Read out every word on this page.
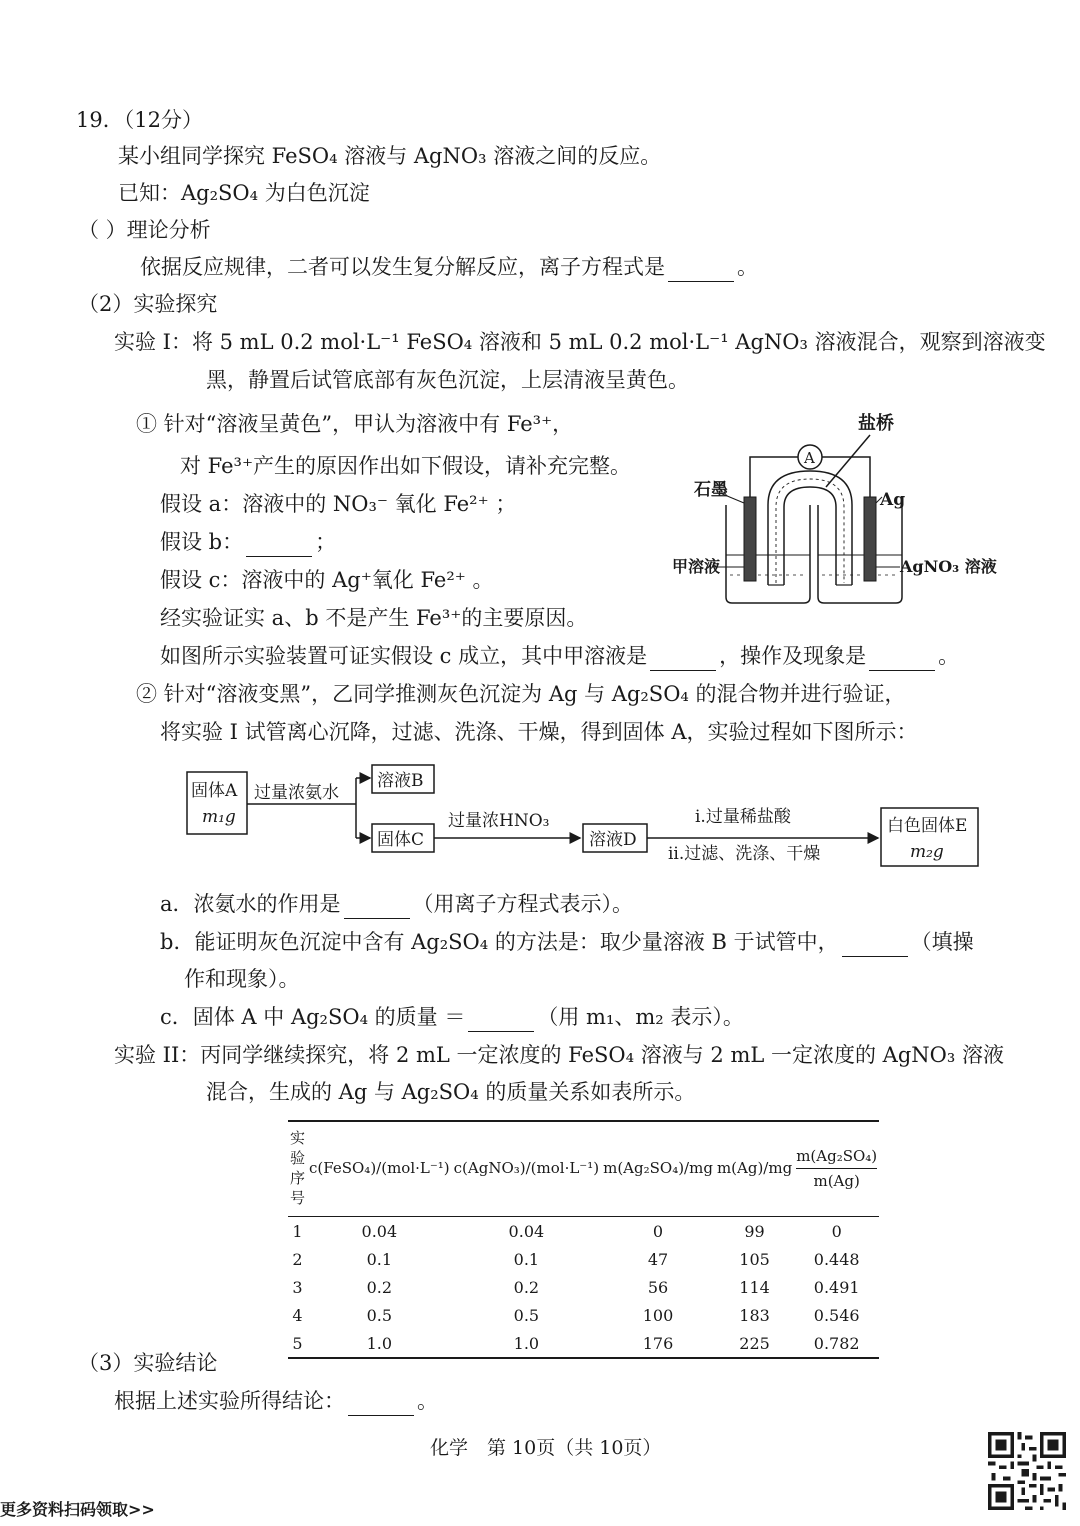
19．（12分）
某小组同学探究 FeSO₄ 溶液与 AgNO₃ 溶液之间的反应。
已知：Ag₂SO₄ 为白色沉淀
（ ）理论分析
依据反应规律，二者可以发生复分解反应，离子方程式是	。
（2）实验探究
实验 I：将 5 mL 0.2 mol·L⁻¹ FeSO₄ 溶液和 5 mL 0.2 mol·L⁻¹ AgNO₃ 溶液混合，观察到溶液变
黑，静置后试管底部有灰色沉淀，上层清液呈黄色。
① 针对“溶液呈黄色”，甲认为溶液中有 Fe³⁺，
对 Fe³⁺产生的原因作出如下假设，请补充完整。
假设 a：溶液中的 NO₃⁻ 氧化 Fe²⁺ ；
假设 b：	；
假设 c：溶液中的 Ag⁺氧化 Fe²⁺ 。
经实验证实 a、b 不是产生 Fe³⁺的主要原因。
如图所示实验装置可证实假设 c 成立，其中甲溶液是	，操作及现象是	。
② 针对“溶液变黑”，乙同学推测灰色沉淀为 Ag 与 Ag₂SO₄ 的混合物并进行验证，
将实验 I 试管离心沉降，过滤、洗涤、干燥，得到固体 A，实验过程如下图所示：
盐桥
A
石墨	Ag
甲溶液	AgNO₃ 溶液
固体A
m₁g
过量浓氨水
溶液B
固体C
过量浓HNO₃
溶液D
i.过量稀盐酸
ii.过滤、洗涤、干燥
白色固体E
m₂g
a．浓氨水的作用是	（用离子方程式表示）。
b．能证明灰色沉淀中含有 Ag₂SO₄ 的方法是：取少量溶液 B 于试管中，	（填操
作和现象）。
c．固体 A 中 Ag₂SO₄ 的质量 ＝	（用 m₁、m₂ 表示）。
实验 II：丙同学继续探究，将 2 mL 一定浓度的 FeSO₄ 溶液与 2 mL 一定浓度的 AgNO₃ 溶液
混合，生成的 Ag 与 Ag₂SO₄ 的质量关系如表所示。
实验序号	c(FeSO₄)/(mol·L⁻¹)	c(AgNO₃)/(mol·L⁻¹)	m(Ag₂SO₄)/mg	m(Ag)/mg	$\frac{\text{m(Ag₂SO₄)}}{m(Ag)}$

1	0.04	0.04	0	99	0
2	0.1	0.1	47	105	0.448
3	0.2	0.2	56	114	0.491
4	0.5	0.5	100	183	0.546
5	1.0	1.0	176	225	0.782
（3）实验结论
根据上述实验所得结论：	。
化学　第 10页（共 10页）
更多资料扫码领取>>
